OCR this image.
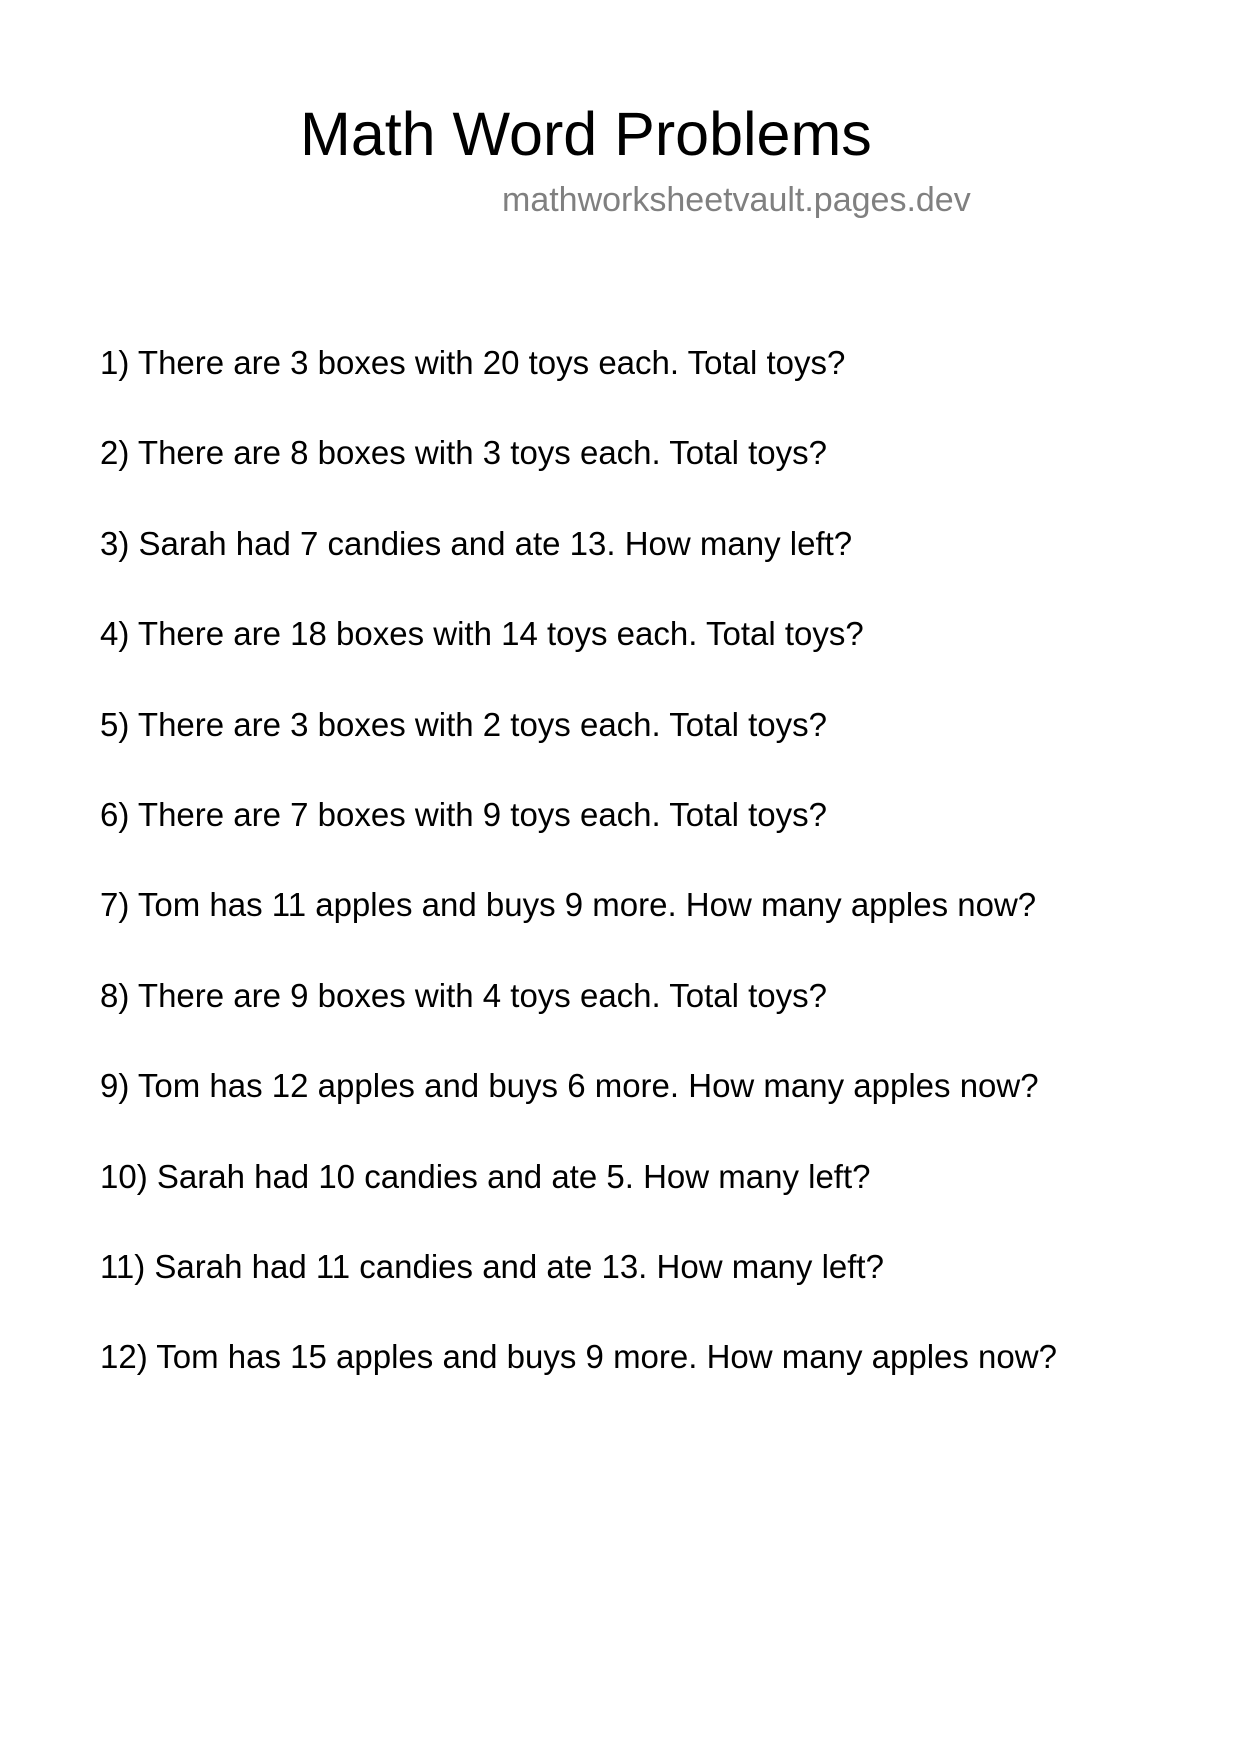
Math Word Problems
mathworksheetvault.pages.dev
1) There are 3 boxes with 20 toys each. Total toys?
2) There are 8 boxes with 3 toys each. Total toys?
3) Sarah had 7 candies and ate 13. How many left?
4) There are 18 boxes with 14 toys each. Total toys?
5) There are 3 boxes with 2 toys each. Total toys?
6) There are 7 boxes with 9 toys each. Total toys?
7) Tom has 11 apples and buys 9 more. How many apples now?
8) There are 9 boxes with 4 toys each. Total toys?
9) Tom has 12 apples and buys 6 more. How many apples now?
10) Sarah had 10 candies and ate 5. How many left?
11) Sarah had 11 candies and ate 13. How many left?
12) Tom has 15 apples and buys 9 more. How many apples now?
